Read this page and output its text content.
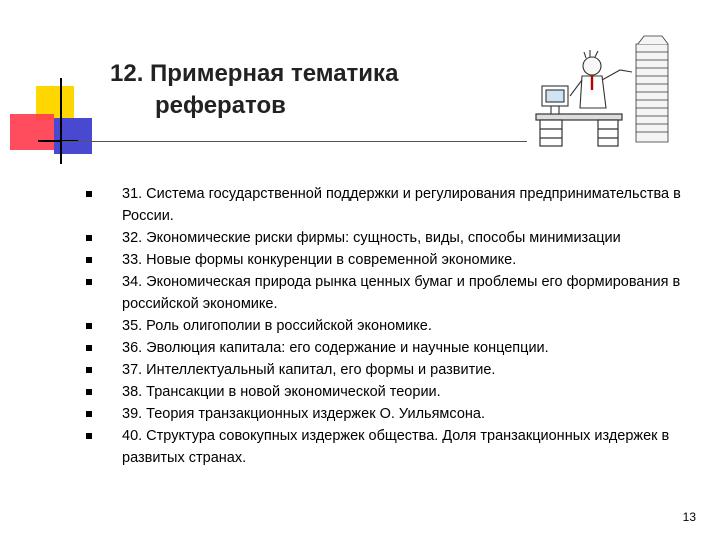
12. Примерная тематика
рефератов
31. Система государственной поддержки и регулирования предпринимательства в России.
32. Экономические риски фирмы: сущность, виды, способы минимизации
33. Новые формы конкуренции в современной экономике.
34. Экономическая природа рынка ценных бумаг и проблемы его формирования в российской экономике.
35. Роль олигополии в российской экономике.
36. Эволюция капитала: его содержание и научные концепции.
37. Интеллектуальный капитал, его формы и развитие.
38. Трансакции в новой экономической теории.
39. Теория транзакционных издержек О. Уильямсона.
40. Структура совокупных издержек общества. Доля транзакционных издержек в развитых странах.
13
